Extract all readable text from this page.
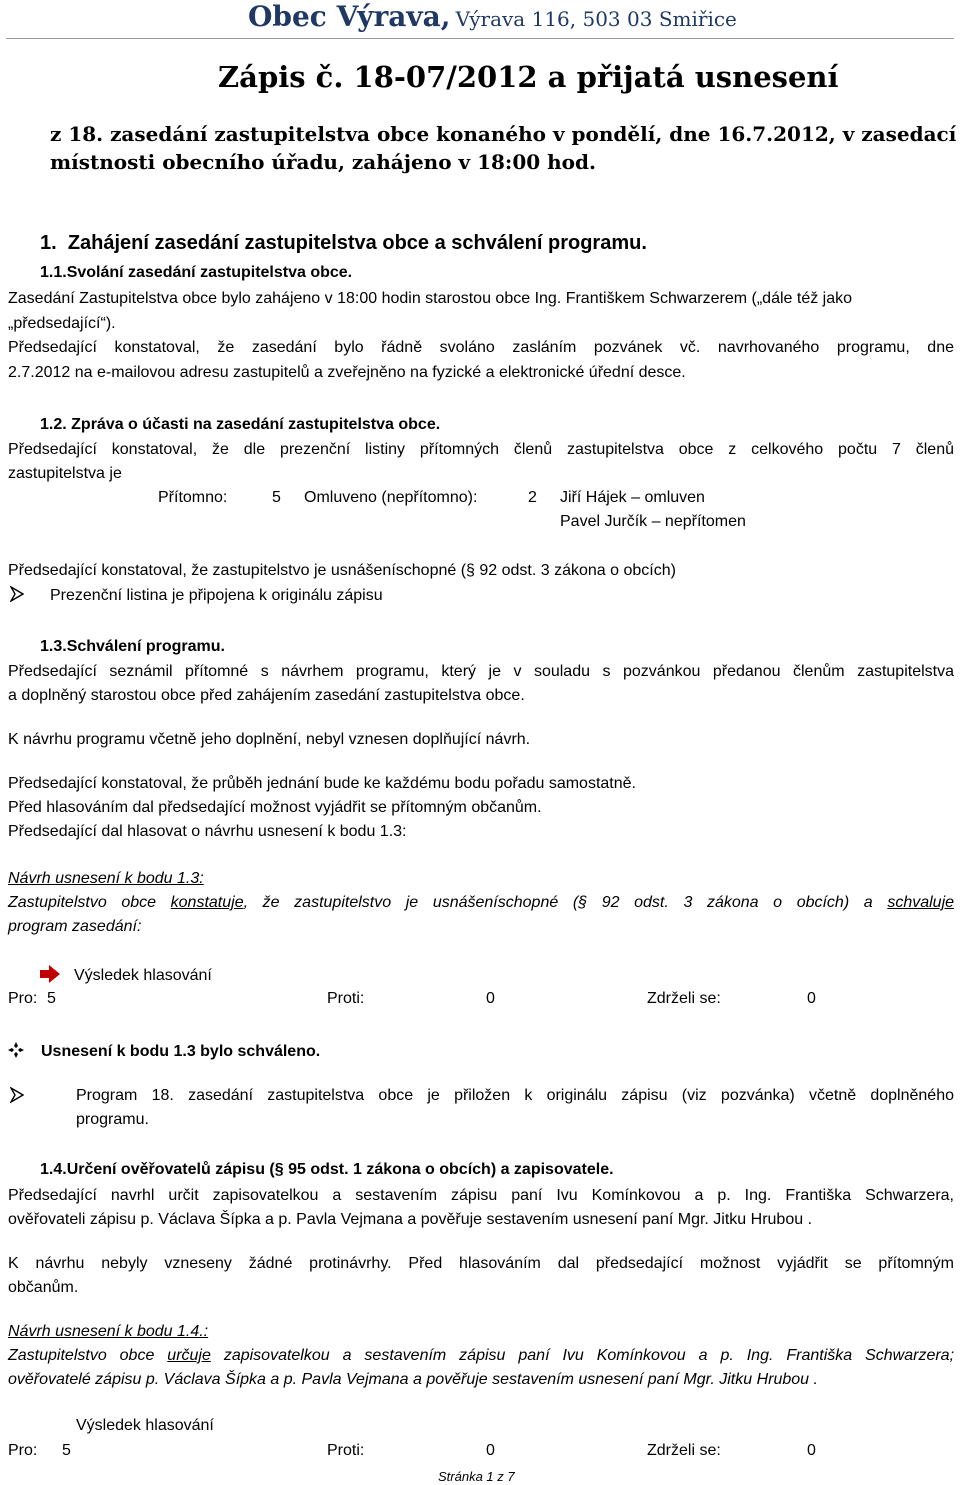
Obec Výrava, Výrava 116, 503 03 Smiřice
Zápis č. 18-07/2012 a přijatá usnesení
z 18. zasedání zastupitelstva obce konaného v pondělí, dne 16.7.2012, v zasedací
místnosti obecního úřadu, zahájeno v 18:00 hod.
1. Zahájení zasedání zastupitelstva obce a schválení programu.
1.1.Svolání zasedání zastupitelstva obce.
Zasedání Zastupitelstva obce bylo zahájeno v 18:00 hodin starostou obce Ing. Františkem Schwarzerem („dále též jako
„předsedající“).
Předsedající konstatoval, že zasedání bylo řádně svoláno zasláním pozvánek vč. navrhovaného programu, dne
2.7.2012 na e-mailovou adresu zastupitelů a zveřejněno na fyzické a elektronické úřední desce.
1.2. Zpráva o účasti na zasedání zastupitelstva obce.
Předsedající konstatoval, že dle prezenční listiny přítomných členů zastupitelstva obce z celkového počtu 7 členů
zastupitelstva je
Přítomno:	5 Omluveno (nepřítomno):	2 Jiří Hájek – omluven
Pavel Jurčík – nepřítomen
Předsedající konstatoval, že zastupitelstvo je usnášeníschopné (§ 92 odst. 3 zákona o obcích)
Prezenční listina je připojena k originálu zápisu
1.3.Schválení programu.
Předsedající seznámil přítomné s návrhem programu, který je v souladu s pozvánkou předanou členům zastupitelstva
a doplněný starostou obce před zahájením zasedání zastupitelstva obce.
K návrhu programu včetně jeho doplnění, nebyl vznesen doplňující návrh.
Předsedající konstatoval, že průběh jednání bude ke každému bodu pořadu samostatně.
Před hlasováním dal předsedající možnost vyjádřit se přítomným občanům.
Předsedající dal hlasovat o návrhu usnesení k bodu 1.3:
Návrh usnesení k bodu 1.3:
Zastupitelstvo obce konstatuje, že zastupitelstvo je usnášeníschopné (§ 92 odst. 3 zákona o obcích) a schvaluje
program zasedání:
Výsledek hlasování
Pro: 5	Proti:	0	Zdrželi se:	0
Usnesení k bodu 1.3 bylo schváleno.
Program 18. zasedání zastupitelstva obce je přiložen k originálu zápisu (viz pozvánka) včetně doplněného
programu.
1.4.Určení ověřovatelů zápisu (§ 95 odst. 1 zákona o obcích) a zapisovatele.
Předsedající navrhl určit zapisovatelkou a sestavením zápisu paní Ivu Komínkovou a p. Ing. Františka Schwarzera,
ověřovateli zápisu p. Václava Šípka a p. Pavla Vejmana a pověřuje sestavením usnesení paní Mgr. Jitku Hrubou .
K návrhu nebyly vzneseny žádné protinávrhy. Před hlasováním dal předsedající možnost vyjádřit se přítomným
občanům.
Návrh usnesení k bodu 1.4.:
Zastupitelstvo obce určuje zapisovatelkou a sestavením zápisu paní Ivu Komínkovou a p. Ing. Františka Schwarzera;
ověřovatelé zápisu p. Václava Šípka a p. Pavla Vejmana a pověřuje sestavením usnesení paní Mgr. Jitku Hrubou .
Výsledek hlasování
Pro: 5	Proti:	0	Zdrželi se:	0
Stránka 1 z 7
